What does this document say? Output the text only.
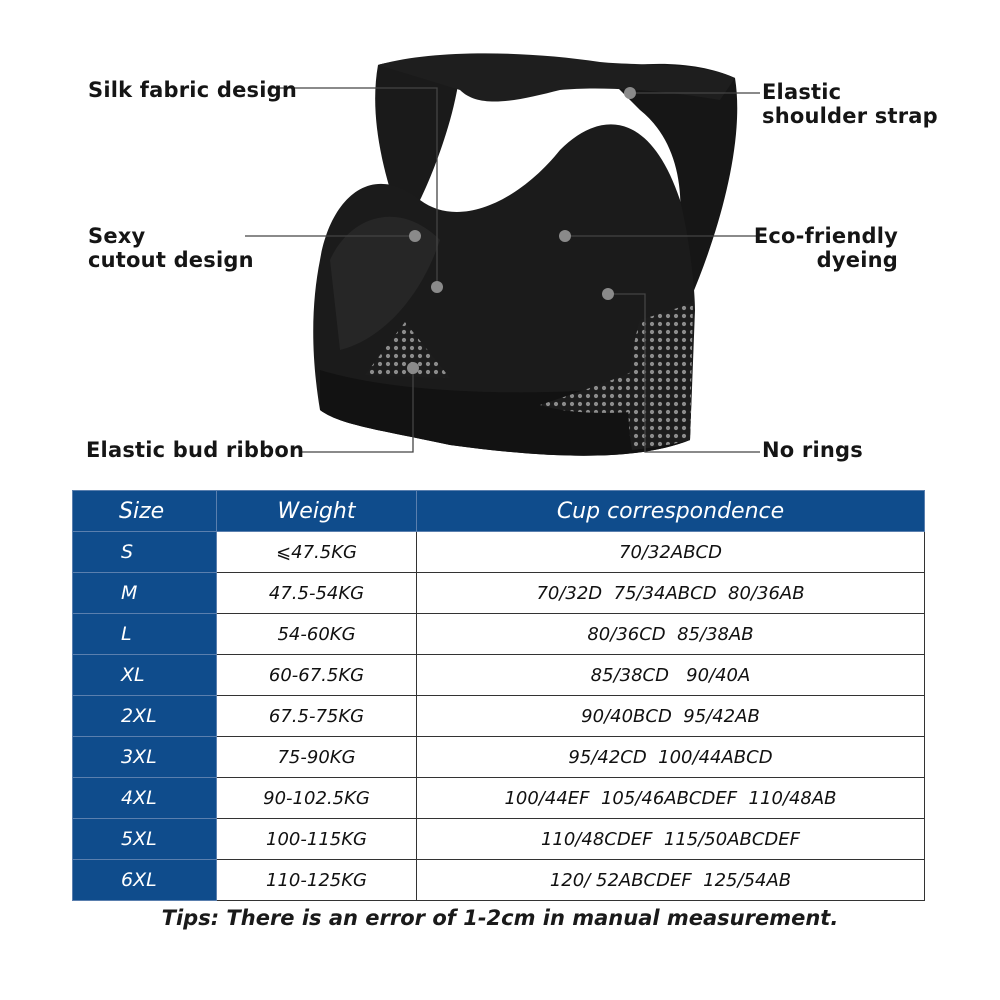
Silk fabric design	Elastic
shoulder strap
Sexy
cutout design
Eco-friendly
dyeing
Elastic bud ribbon	No rings
Size	Weight	Cup correspondence
S	⩽47.5KG	70/32ABCD
M	47.5-54KG	70/32D  75/34ABCD  80/36AB
L	54-60KG	80/36CD  85/38AB
XL	60-67.5KG	85/38CD   90/40A
2XL	67.5-75KG	90/40BCD  95/42AB
3XL	75-90KG	95/42CD  100/44ABCD
4XL	90-102.5KG	100/44EF  105/46ABCDEF  110/48AB
5XL	100-115KG	110/48CDEF  115/50ABCDEF
6XL	110-125KG	120/ 52ABCDEF  125/54AB
Tips: There is an error of 1-2cm in manual measurement.
